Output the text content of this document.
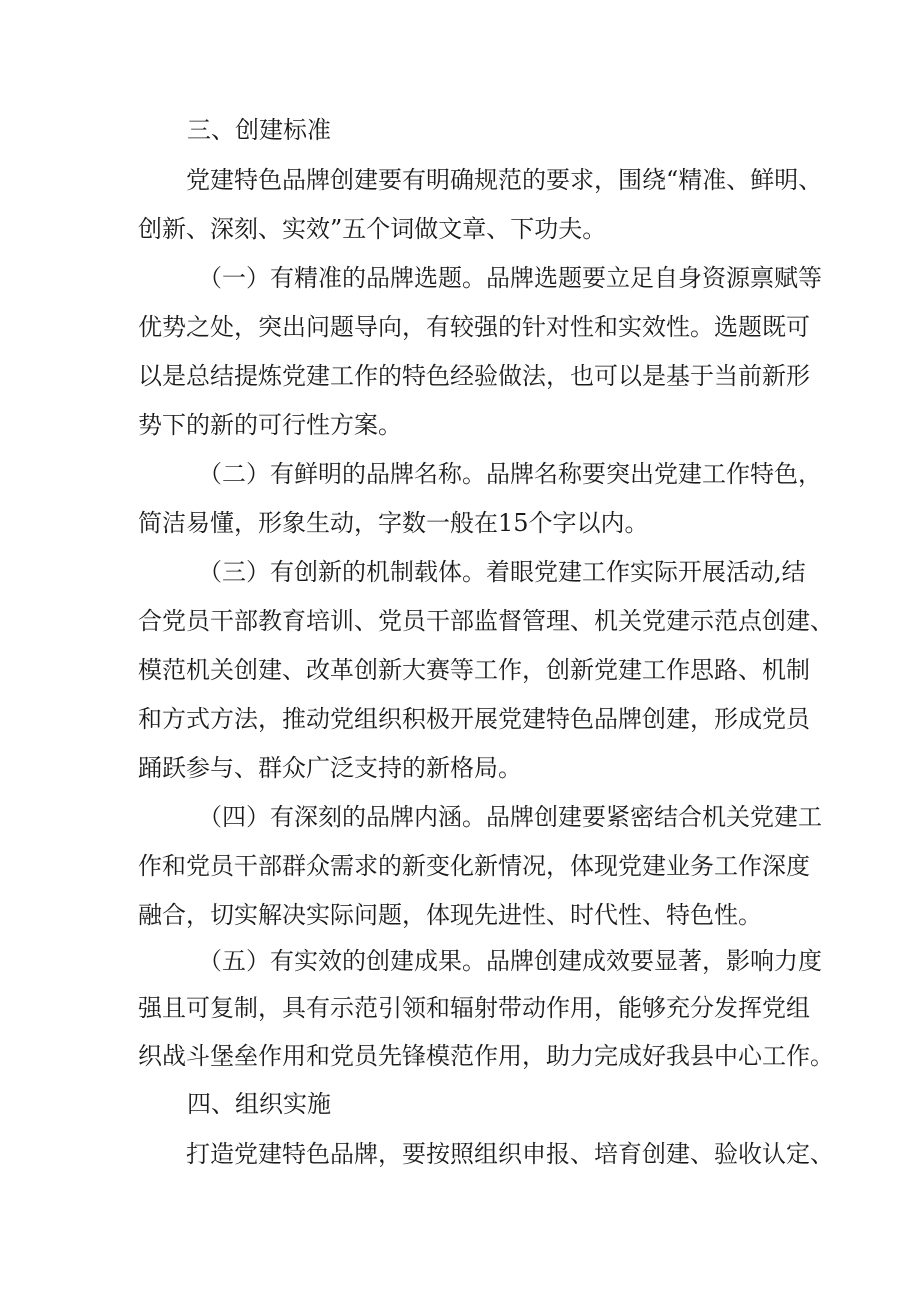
三、创建标准
党建特色品牌创建要有明确规范的要求，围绕“精准、鲜明、
创新、深刻、实效”五个词做文章、下功夫。
（一）有精准的品牌选题。品牌选题要立足自身资源禀赋等
优势之处，突出问题导向，有较强的针对性和实效性。选题既可
以是总结提炼党建工作的特色经验做法，也可以是基于当前新形
势下的新的可行性方案。
（二）有鲜明的品牌名称。品牌名称要突出党建工作特色，
简洁易懂，形象生动，字数一般在15个字以内。
（三）有创新的机制载体。着眼党建工作实际开展活动,结
合党员干部教育培训、党员干部监督管理、机关党建示范点创建、
模范机关创建、改革创新大赛等工作，创新党建工作思路、机制
和方式方法，推动党组织积极开展党建特色品牌创建，形成党员
踊跃参与、群众广泛支持的新格局。
（四）有深刻的品牌内涵。品牌创建要紧密结合机关党建工
作和党员干部群众需求的新变化新情况，体现党建业务工作深度
融合，切实解决实际问题，体现先进性、时代性、特色性。
（五）有实效的创建成果。品牌创建成效要显著，影响力度
强且可复制，具有示范引领和辐射带动作用，能够充分发挥党组
织战斗堡垒作用和党员先锋模范作用，助力完成好我县中心工作。
四、组织实施
打造党建特色品牌，要按照组织申报、培育创建、验收认定、
